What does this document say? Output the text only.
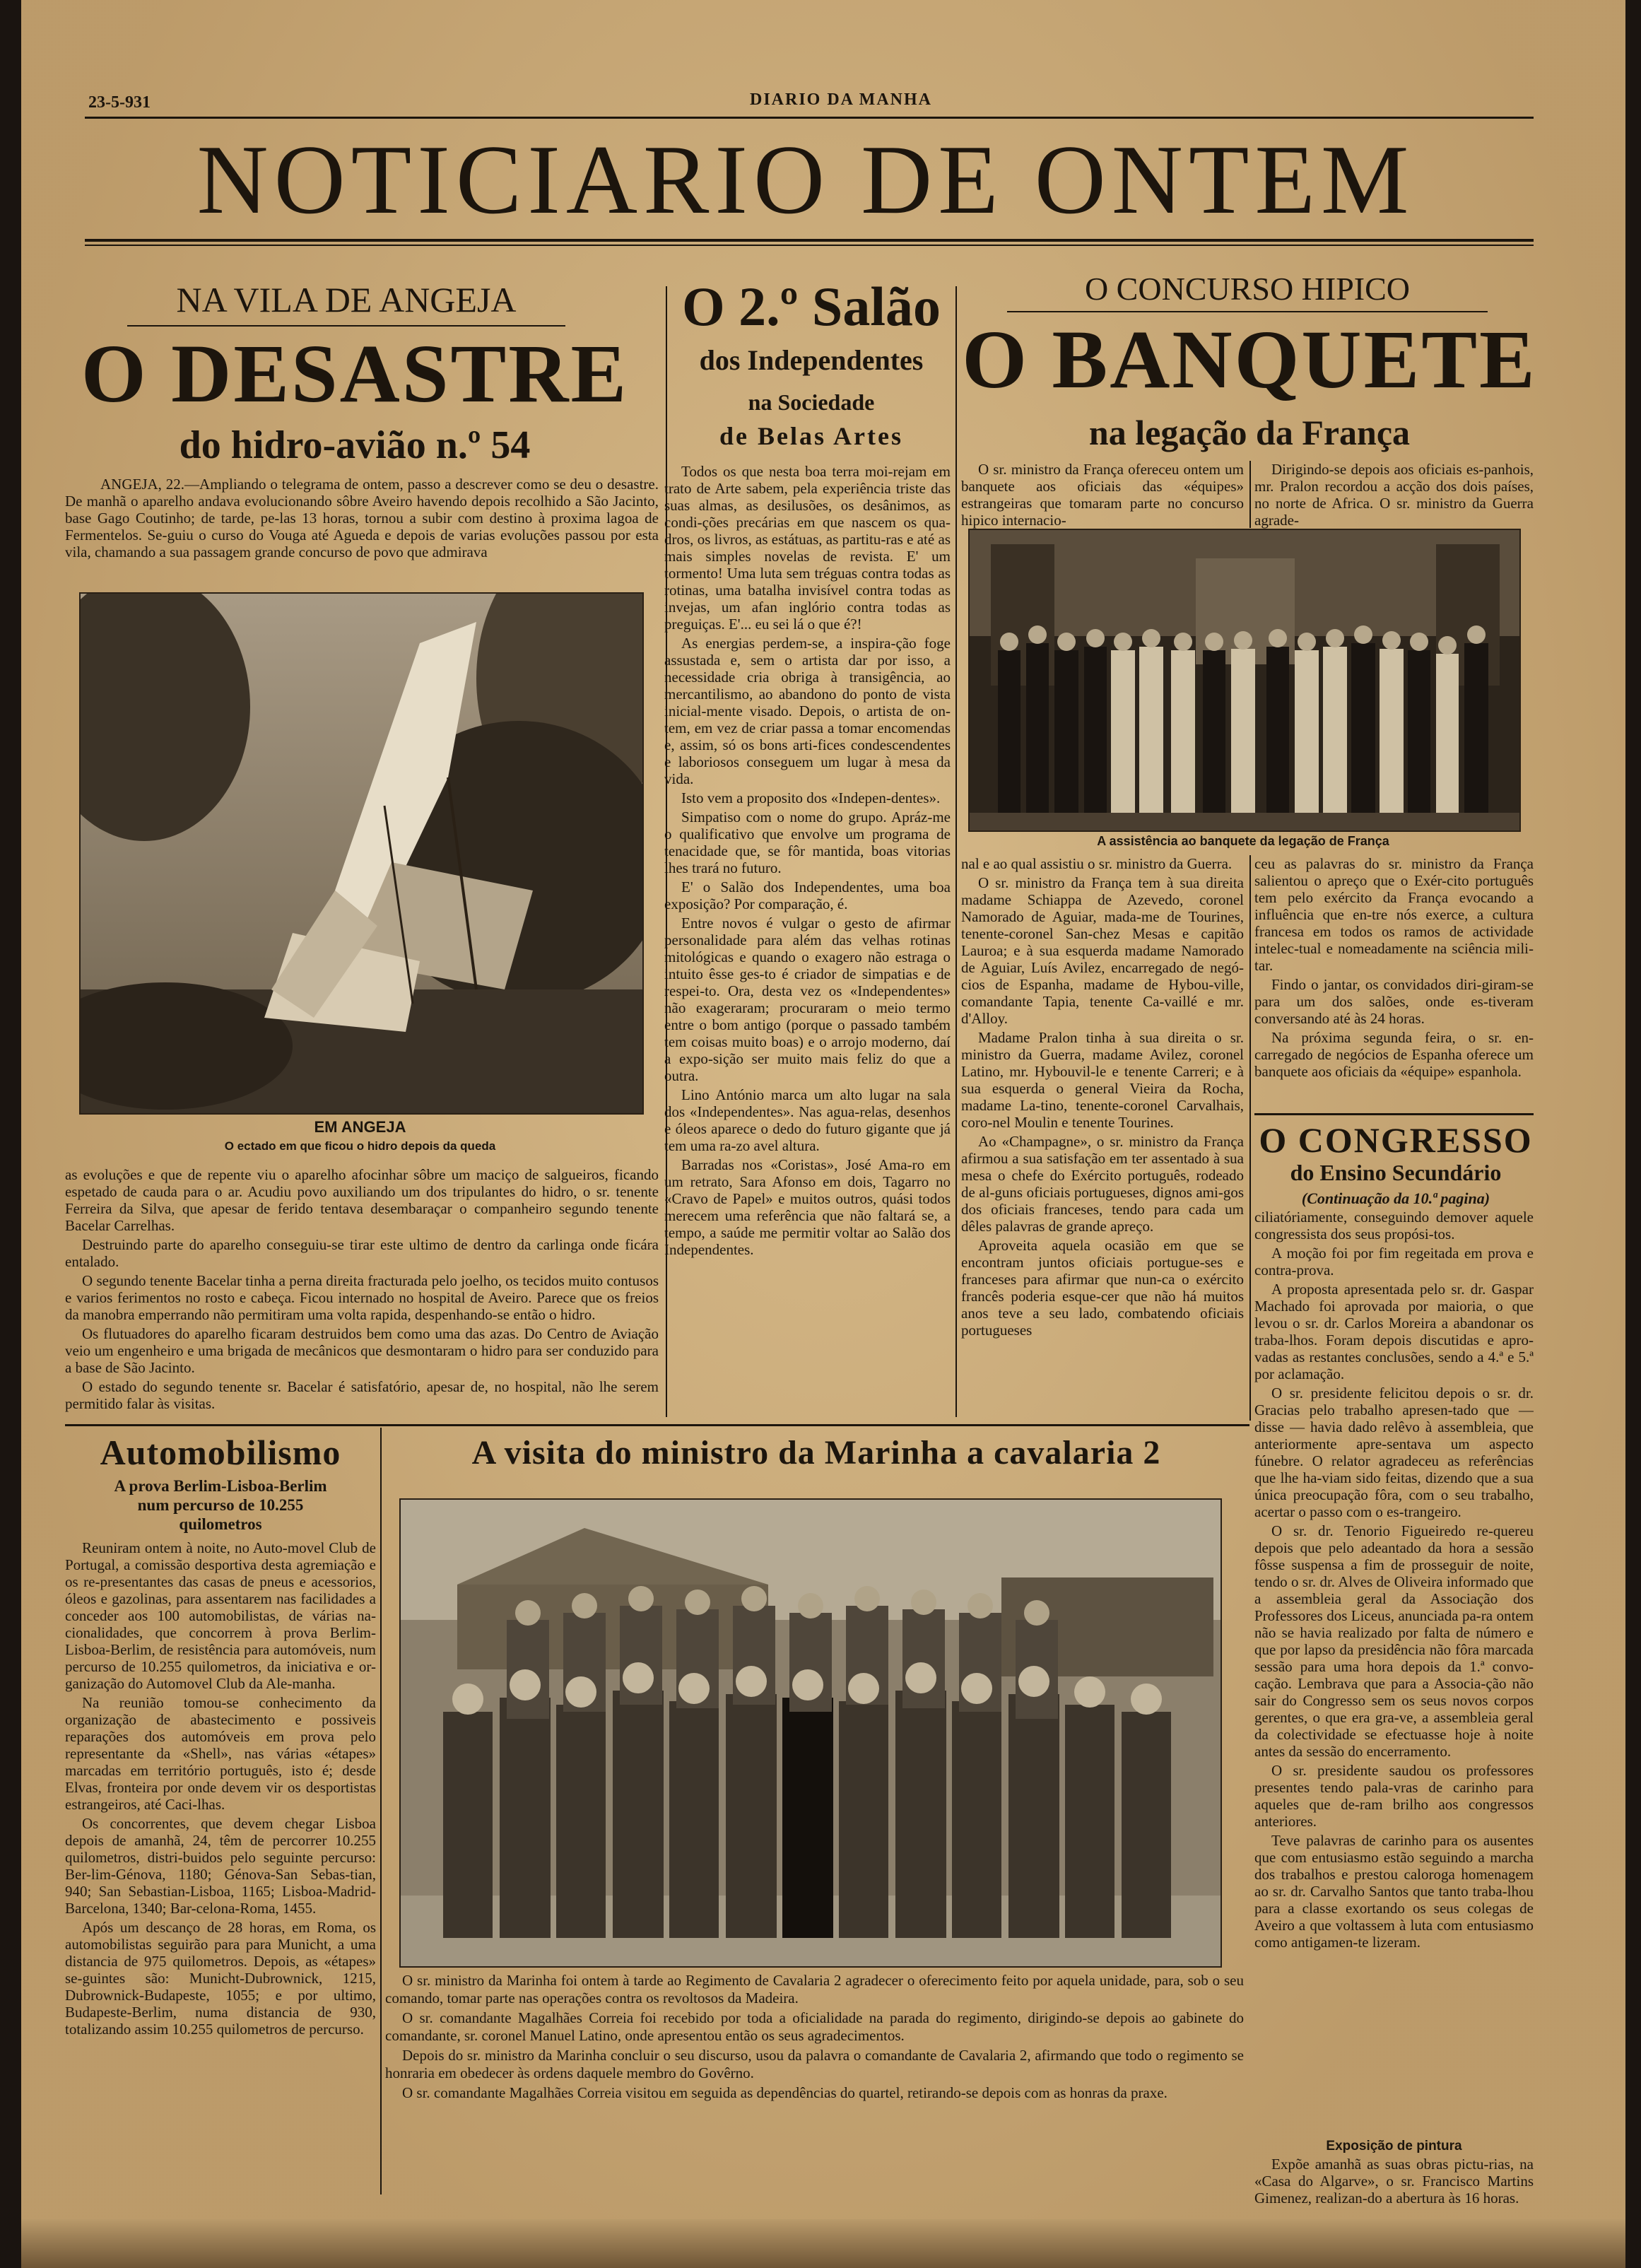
23-5-931	DIARIO DA MANHA
NOTICIARIO DE ONTEM
NA VILA DE ANGEJA
O DESASTRE
do hidro-avião n.º 54

ANGEJA, 22.—Ampliando o telegrama de ontem, passo a descrever como se deu o desastre. De manhã o aparelho andava evolucionando sôbre Aveiro havendo depois recolhido a São Jacinto, base Gago Coutinho; de tarde, pe-las 13 horas, tornou a subir com destino à proxima lagoa de Fermentelos. Se-guiu o curso do Vouga até Agueda e depois de varias evoluções passou por esta vila, chamando a sua passagem grande concurso de povo que admirava

EM ANGEJA
O ectado em que ficou o hidro depois da queda

as evoluções e que de repente viu o aparelho afocinhar sôbre um maciço de salgueiros, ficando espetado de cauda para o ar. Acudiu povo auxiliando um dos tripulantes do hidro, o sr. tenente Ferreira da Silva, que apesar de ferido tentava desembaraçar o companheiro segundo tenente Bacelar Carrelhas.

Destruindo parte do aparelho conseguiu-se tirar este ultimo de dentro da carlinga onde ficára entalado.

O segundo tenente Bacelar tinha a perna direita fracturada pelo joelho, os tecidos muito contusos e varios ferimentos no rosto e cabeça. Ficou internado no hospital de Aveiro. Parece que os freios da manobra emperrando não permitiram uma volta rapida, despenhando-se então o hidro.

Os flutuadores do aparelho ficaram destruidos bem como uma das azas. Do Centro de Aviação veio um engenheiro e uma brigada de mecânicos que desmontaram o hidro para ser conduzido para a base de São Jacinto.

O estado do segundo tenente sr. Bacelar é satisfatório, apesar de, no hospital, não lhe serem permitido falar às visitas.

O 2.º Salão
dos Independentes
na Sociedade
de Belas Artes

Todos os que nesta boa terra moi-rejam em trato de Arte sabem, pela experiência triste das suas almas, as desilusões, os desânimos, as condi-ções precárias em que nascem os qua-dros, os livros, as estátuas, as partitu-ras e até as mais simples novelas de revista. E' um tormento! Uma luta sem tréguas contra todas as rotinas, uma batalha invisível contra todas as invejas, um afan inglório contra todas as preguiças. E'... eu sei lá o que é?!

As energias perdem-se, a inspira-ção foge assustada e, sem o artista dar por isso, a necessidade cria obriga à transigência, ao mercantilismo, ao abandono do ponto de vista inicial-mente visado. Depois, o artista de on-tem, em vez de criar passa a tomar encomendas e, assim, só os bons arti-fices condescendentes e laboriosos conseguem um lugar à mesa da vida.

Isto vem a proposito dos «Indepen-dentes».

Simpatiso com o nome do grupo. Apráz-me o qualificativo que envolve um programa de tenacidade que, se fôr mantida, boas vitorias lhes trará no futuro.

E' o Salão dos Independentes, uma boa exposição? Por comparação, é.

Entre novos é vulgar o gesto de afirmar personalidade para além das velhas rotinas mitológicas e quando o exagero não estraga o intuito êsse ges-to é criador de simpatias e de respei-to. Ora, desta vez os «Independentes» não exageraram; procuraram o meio termo entre o bom antigo (porque o passado também tem coisas muito boas) e o arrojo moderno, daí a expo-sição ser muito mais feliz do que a outra.

Lino António marca um alto lugar na sala dos «Independentes». Nas agua-relas, desenhos e óleos aparece o dedo do futuro gigante que já tem uma ra-zo avel altura.

Barradas nos «Coristas», José Ama-ro em um retrato, Sara Afonso em dois, Tagarro no «Cravo de Papel» e muitos outros, quási todos merecem uma referência que não faltará se, a tempo, a saúde me permitir voltar ao Salão dos Independentes.

O CONCURSO HIPICO
O BANQUETE
na legação da França

O sr. ministro da França ofereceu ontem um banquete aos oficiais das «équipes» estrangeiras que tomaram parte no concurso hipico internacio-

Dirigindo-se depois aos oficiais es-panhois, mr. Pralon recordou a acção dos dois países, no norte de Africa. O sr. ministro da Guerra agrade-

A assistência ao banquete da legação de França

nal e ao qual assistiu o sr. ministro da Guerra.

O sr. ministro da França tem à sua direita madame Schiappa de Azevedo, coronel Namorado de Aguiar, mada-me de Tourines, tenente-coronel San-chez Mesas e capitão Lauroa; e à sua esquerda madame Namorado de Aguiar, Luís Avilez, encarregado de negó-cios de Espanha, madame de Hybou-ville, comandante Tapia, tenente Ca-vaillé e mr. d'Alloy.

Madame Pralon tinha à sua direita o sr. ministro da Guerra, madame Avilez, coronel Latino, mr. Hybouvil-le e tenente Carreri; e à sua esquerda o general Vieira da Rocha, madame La-tino, tenente-coronel Carvalhais, coro-nel Moulin e tenente Tourines.

Ao «Champagne», o sr. ministro da França afirmou a sua satisfação em ter assentado à sua mesa o chefe do Exército português, rodeado de al-guns oficiais portugueses, dignos ami-gos dos oficiais franceses, tendo para cada um dêles palavras de grande apreço.

Aproveita aquela ocasião em que se encontram juntos oficiais portugue-ses e franceses para afirmar que nun-ca o exército francês poderia esque-cer que não há muitos anos teve a seu lado, combatendo oficiais portugueses

ceu as palavras do sr. ministro da França salientou o apreço que o Exér-cito português tem pelo exército da França evocando a influência que en-tre nós exerce, a cultura francesa em todos os ramos de actividade intelec-tual e nomeadamente na sciência mili-tar.

Findo o jantar, os convidados diri-giram-se para um dos salões, onde es-tiveram conversando até às 24 horas.

Na próxima segunda feira, o sr. en-carregado de negócios de Espanha oferece um banquete aos oficiais da «équipe» espanhola.

O CONGRESSO
do Ensino Secundário
(Continuação da 10.ª pagina)

ciliatóriamente, conseguindo demover aquele congressista dos seus propósi-tos.

A moção foi por fim regeitada em prova e contra-prova.

A proposta apresentada pelo sr. dr. Gaspar Machado foi aprovada por maioria, o que levou o sr. dr. Carlos Moreira a abandonar os traba-lhos. Foram depois discutidas e apro-vadas as restantes conclusões, sendo a 4.ª e 5.ª por aclamação.

O sr. presidente felicitou depois o sr. dr. Gracias pelo trabalho apresen-tado que — disse — havia dado relêvo à assembleia, que anteriormente apre-sentava um aspecto fúnebre. O relator agradeceu as referências que lhe ha-viam sido feitas, dizendo que a sua única preocupação fôra, com o seu trabalho, acertar o passo com o es-trangeiro.

O sr. dr. Tenorio Figueiredo re-quereu depois que pelo adeantado da hora a sessão fôsse suspensa a fim de prosseguir de noite, tendo o sr. dr. Alves de Oliveira informado que a assembleia geral da Associação dos Professores dos Liceus, anunciada pa-ra ontem não se havia realizado por falta de número e que por lapso da presidência não fôra marcada sessão para uma hora depois da 1.ª convo-cação. Lembrava que para a Associa-ção não sair do Congresso sem os seus novos corpos gerentes, o que era gra-ve, a assembleia geral da colectividade se efectuasse hoje à noite antes da sessão do encerramento.

O sr. presidente saudou os professores presentes tendo pala-vras de carinho para aqueles que de-ram brilho aos congressos anteriores.

Teve palavras de carinho para os ausentes que com entusiasmo estão seguindo a marcha dos trabalhos e prestou caloroga homenagem ao sr. dr. Carvalho Santos que tanto traba-lhou para a classe exortando os seus colegas de Aveiro a que voltassem à luta com entusiasmo como antigamen-te lizeram.

Exposição de pintura

Expõe amanhã as suas obras pictu-rias, na «Casa do Algarve», o sr. Francisco Martins Gimenez, realizan-do a abertura às 16 horas.

Automobilismo
A prova Berlim-Lisboa-Berlim
num percurso de 10.255
quilometros

Reuniram ontem à noite, no Auto-movel Club de Portugal, a comissão desportiva desta agremiação e os re-presentantes das casas de pneus e acessorios, óleos e gazolinas, para assentarem nas facilidades a conceder aos 100 automobilistas, de várias na-cionalidades, que concorrem à prova Berlim-Lisboa-Berlim, de resistência para automóveis, num percurso de 10.255 quilometros, da iniciativa e or-ganização do Automovel Club da Ale-manha.

Na reunião tomou-se conhecimento da organização de abastecimento e possiveis reparações dos automóveis em prova pelo representante da «Shell», nas várias «étapes» marcadas em território português, isto é; desde Elvas, fronteira por onde devem vir os desportistas estrangeiros, até Caci-lhas.

Os concorrentes, que devem chegar Lisboa depois de amanhã, 24, têm de percorrer 10.255 quilometros, distri-buidos pelo seguinte percurso: Ber-lim-Génova, 1180; Génova-San Sebas-tian, 940; San Sebastian-Lisboa, 1165; Lisboa-Madrid-Barcelona, 1340; Bar-celona-Roma, 1455.

Após um descanço de 28 horas, em Roma, os automobilistas seguirão para para Municht, a uma distancia de 975 quilometros. Depois, as «étapes» se-guintes são: Municht-Dubrownick, 1215, Dubrownick-Budapeste, 1055; e por ultimo, Budapeste-Berlim, numa distancia de 930, totalizando assim 10.255 quilometros de percurso.

A visita do ministro da Marinha a cavalaria 2

O sr. ministro da Marinha foi ontem à tarde ao Regimento de Cavalaria 2 agradecer o oferecimento feito por aquela unidade, para, sob o seu comando, tomar parte nas operações contra os revoltosos da Madeira.

O sr. comandante Magalhães Correia foi recebido por toda a oficialidade na parada do regimento, dirigindo-se depois ao gabinete do comandante, sr. coronel Manuel Latino, onde apresentou então os seus agradecimentos.

Depois do sr. ministro da Marinha concluir o seu discurso, usou da palavra o comandante de Cavalaria 2, afirmando que todo o regimento se honraria em obedecer às ordens daquele membro do Govêrno.

O sr. comandante Magalhães Correia visitou em seguida as dependências do quartel, retirando-se depois com as honras da praxe.
